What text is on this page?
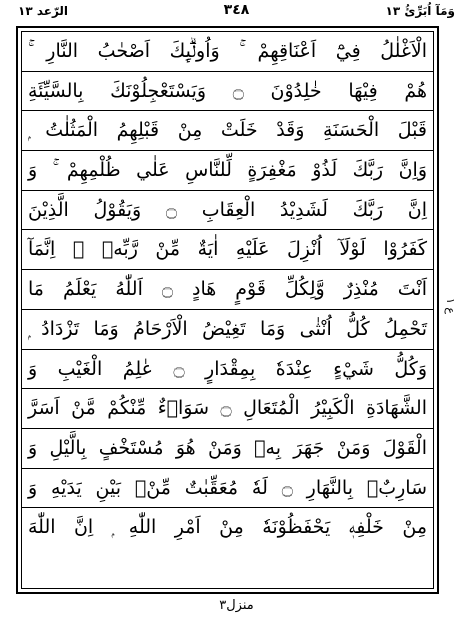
الرّعد ١٣	٣٤٨	وَمَآ اُبَرِّئُ ١٣
الْاَغْلٰلُ فِيْٓ اَعْنَاقِهِمْ ۚ وَاُولٰۗىِٕكَ اَصْحٰبُ النَّارِ ۚ
هُمْ فِيْهَا خٰلِدُوْنَ ۝ وَيَسْتَعْجِلُوْنَكَ بِالسَّيِّئَةِ
قَبْلَ الْحَسَنَةِ وَقَدْ خَلَتْ مِنْ قَبْلِهِمُ الْمَثُلٰتُ ۭ
وَاِنَّ رَبَّكَ لَذُوْ مَغْفِرَةٍ لِّلنَّاسِ عَلٰي ظُلْمِهِمْ ۚ وَ
اِنَّ رَبَّكَ لَشَدِيْدُ الْعِقَابِ ۝ وَيَقُوْلُ الَّذِيْنَ
كَفَرُوْا لَوْلَآ اُنْزِلَ عَلَيْهِ اٰيَةٌ مِّنْ رَّبِّهٖ ۭ اِنَّمَآ
اَنْتَ مُنْذِرٌ وَّلِكُلِّ قَوْمٍ هَادٍ ۝ اَللّٰهُ يَعْلَمُ مَا
تَحْمِلُ كُلُّ اُنْثٰى وَمَا تَغِيْضُ الْاَرْحَامُ وَمَا تَزْدَادُ ۭ
وَكُلُّ شَيْءٍ عِنْدَهٗ بِمِقْدَارٍ ۝ عٰلِمُ الْغَيْبِ وَ
الشَّهَادَةِ الْكَبِيْرُ الْمُتَعَالِ ۝ سَوَاۗءٌ مِّنْكُمْ مَّنْ اَسَرَّ
الْقَوْلَ وَمَنْ جَهَرَ بِهٖ وَمَنْ هُوَ مُسْتَخْفٍ بِالَّيْلِ وَ
سَارِبٌۢ بِالنَّهَارِ ۝ لَهٗ مُعَقِّبٰتٌ مِّنْۢ بَيْنِ يَدَيْهِ وَ
مِنْ خَلْفِهٖ يَحْفَظُوْنَهٗ مِنْ اَمْرِ اللّٰهِ ۭ اِنَّ اللّٰهَ
ع ١
منزل٣
